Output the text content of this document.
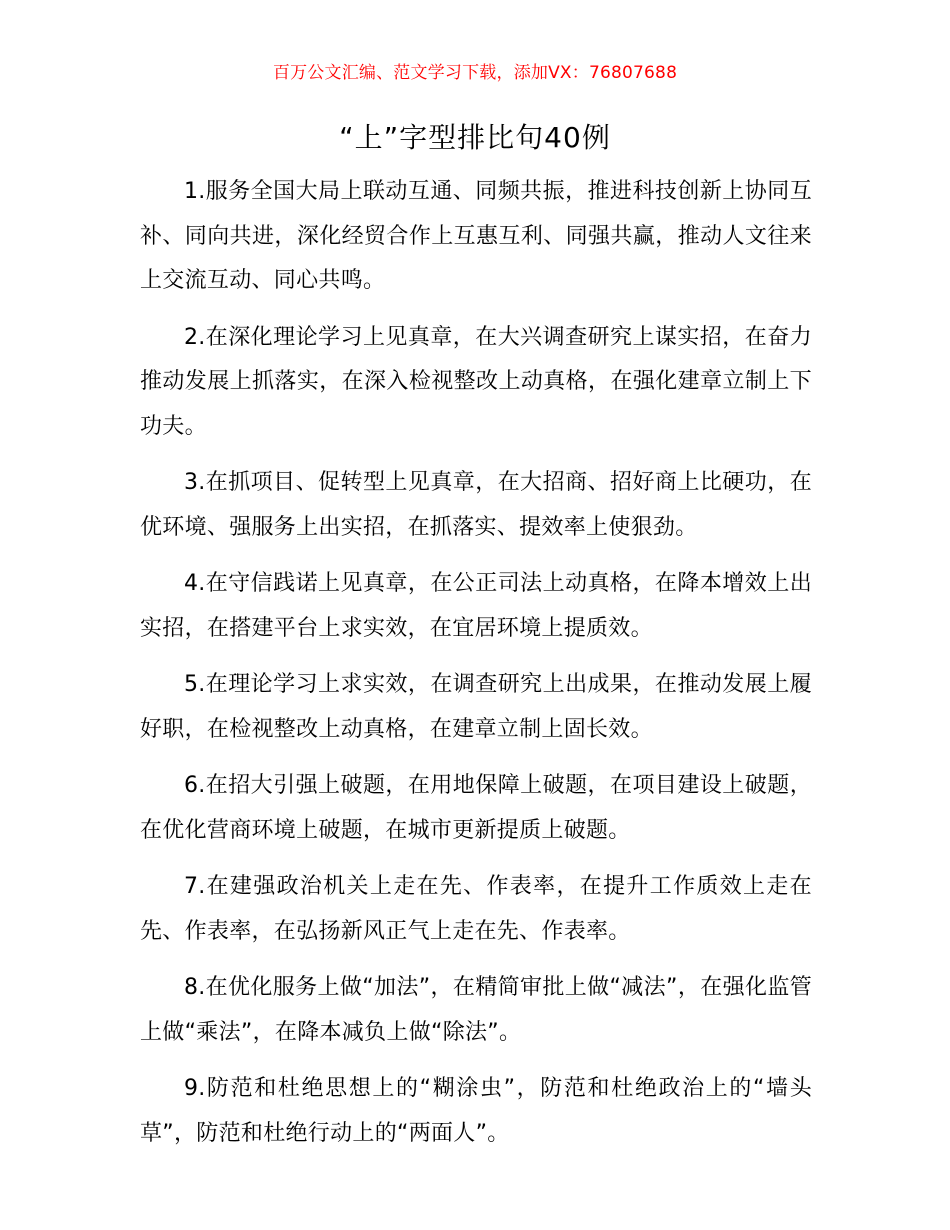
百万公文汇编、范文学习下载，添加VX：76807688
“上”字型排比句40例

1.服务全国大局上联动互通、同频共振，推进科技创新上协同互补、同向共进，深化经贸合作上互惠互利、同强共赢，推动人文往来上交流互动、同心共鸣。

2.在深化理论学习上见真章，在大兴调查研究上谋实招，在奋力推动发展上抓落实，在深入检视整改上动真格，在强化建章立制上下功夫。

3.在抓项目、促转型上见真章，在大招商、招好商上比硬功，在优环境、强服务上出实招，在抓落实、提效率上使狠劲。

4.在守信践诺上见真章，在公正司法上动真格，在降本增效上出实招，在搭建平台上求实效，在宜居环境上提质效。

5.在理论学习上求实效，在调查研究上出成果，在推动发展上履好职，在检视整改上动真格，在建章立制上固长效。

6.在招大引强上破题，在用地保障上破题，在项目建设上破题，在优化营商环境上破题，在城市更新提质上破题。

7.在建强政治机关上走在先、作表率，在提升工作质效上走在先、作表率，在弘扬新风正气上走在先、作表率。

8.在优化服务上做“加法”，在精简审批上做“减法”，在强化监管上做“乘法”，在降本减负上做“除法”。

9.防范和杜绝思想上的“糊涂虫”，防范和杜绝政治上的“墙头草”，防范和杜绝行动上的“两面人”。
